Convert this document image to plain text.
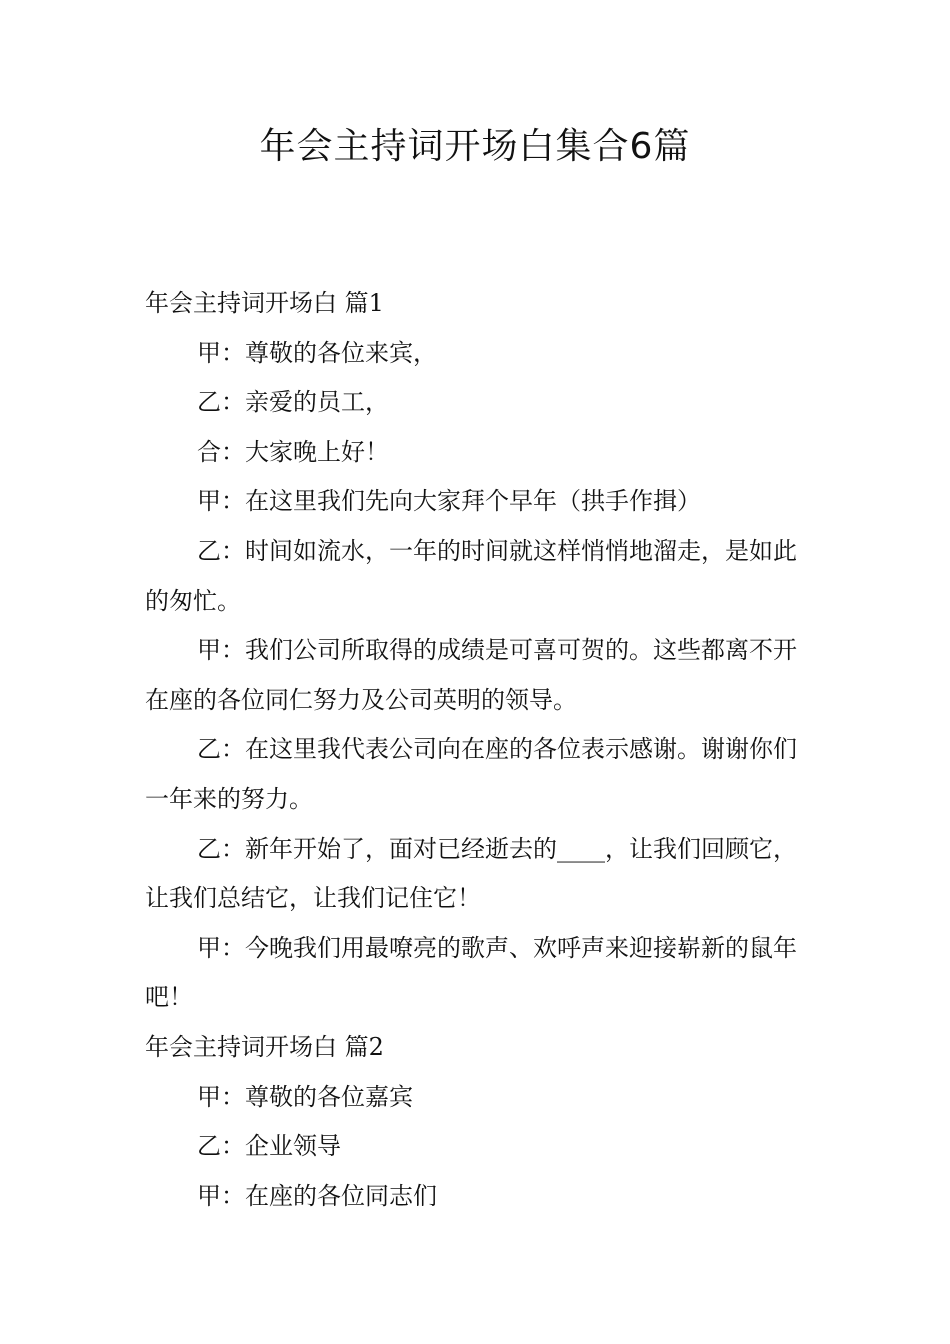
年会主持词开场白集合6篇

年会主持词开场白 篇1

甲：尊敬的各位来宾，

乙：亲爱的员工，

合：大家晚上好！

甲：在这里我们先向大家拜个早年（拱手作揖）

乙：时间如流水，一年的时间就这样悄悄地溜走，是如此的匆忙。

甲：我们公司所取得的成绩是可喜可贺的。这些都离不开在座的各位同仁努力及公司英明的领导。

乙：在这里我代表公司向在座的各位表示感谢。谢谢你们一年来的努力。

乙：新年开始了，面对已经逝去的____，让我们回顾它，让我们总结它，让我们记住它！

甲：今晚我们用最嘹亮的歌声、欢呼声来迎接崭新的鼠年吧！

年会主持词开场白 篇2

甲：尊敬的各位嘉宾

乙：企业领导

甲：在座的各位同志们
